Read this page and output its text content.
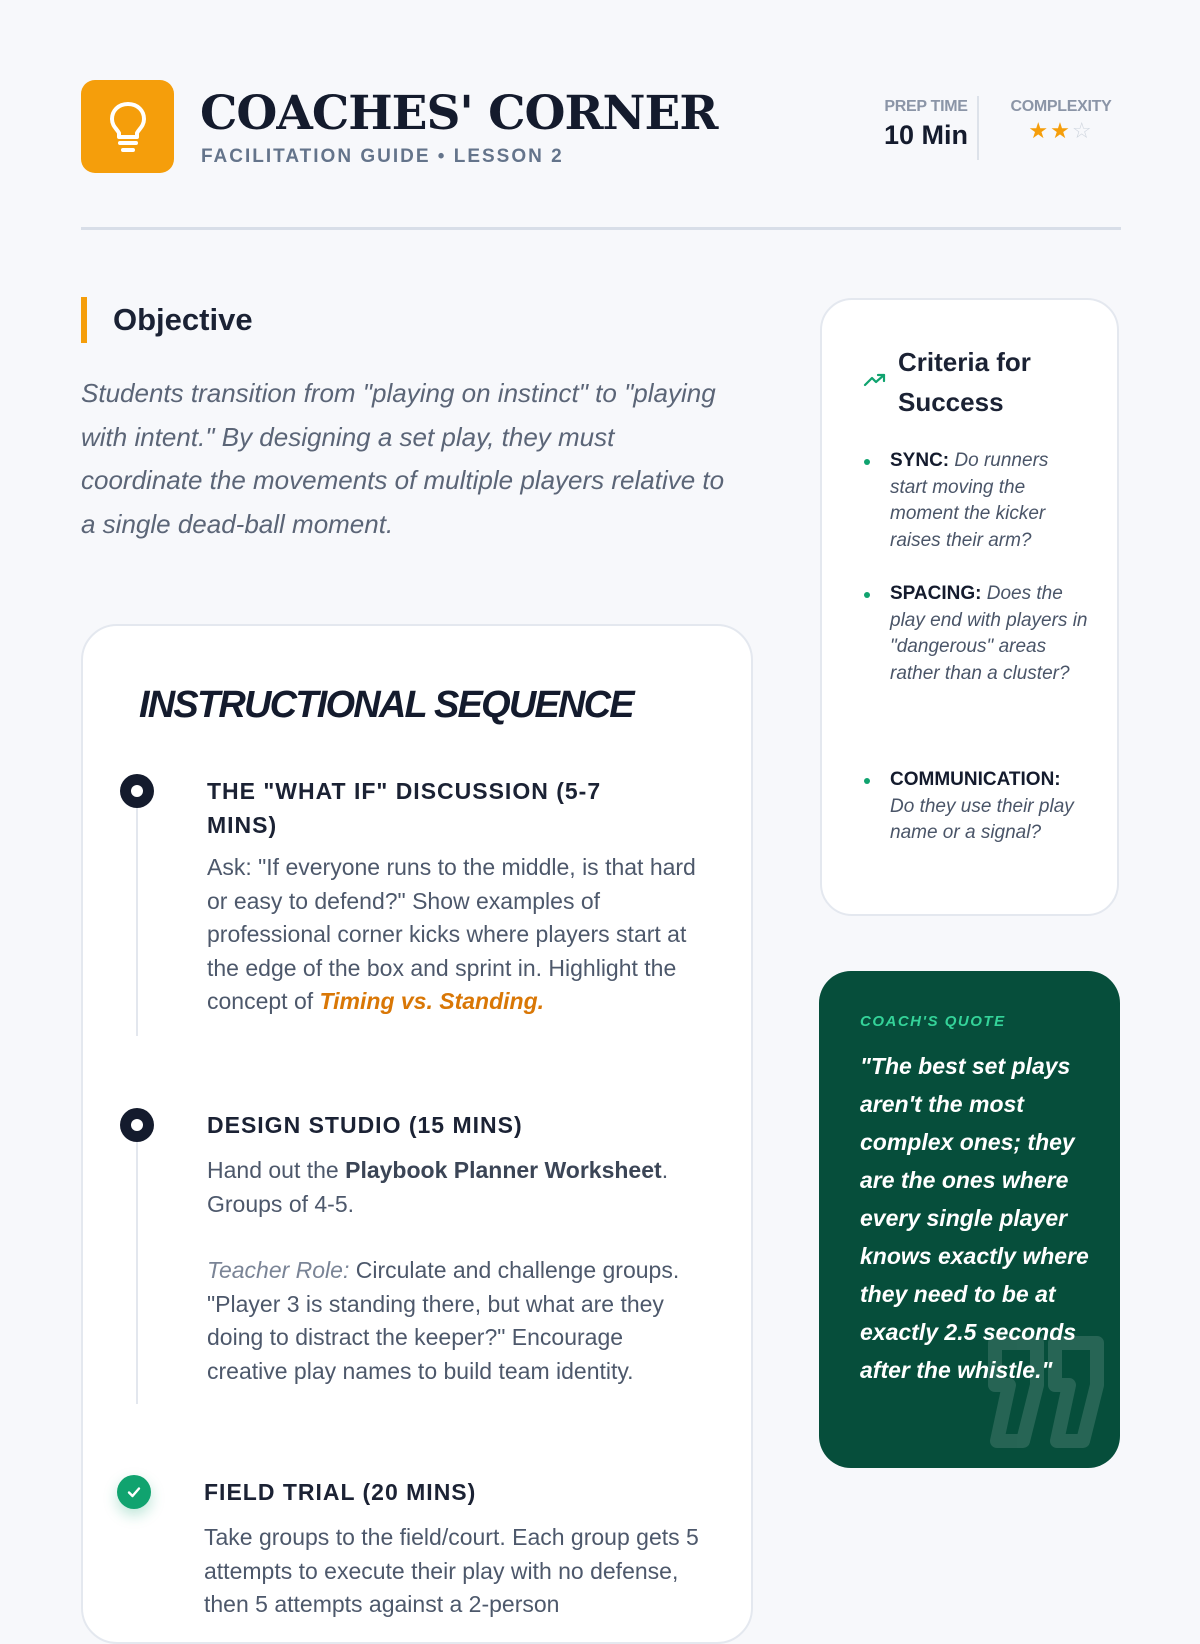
COACHES' CORNER
FACILITATION GUIDE • LESSON 2
PREP TIME
10 Min
COMPLEXITY
★★☆
Objective
Students transition from "playing on instinct" to "playing with intent." By designing a set play, they must coordinate the movements of multiple players relative to a single dead-ball moment.
INSTRUCTIONAL SEQUENCE
THE "WHAT IF" DISCUSSION (5-7 MINS)
Ask: "If everyone runs to the middle, is that hard or easy to defend?" Show examples of professional corner kicks where players start at the edge of the box and sprint in. Highlight the concept of Timing vs. Standing.
DESIGN STUDIO (15 MINS)
Hand out the Playbook Planner Worksheet. Groups of 4-5.
Teacher Role: Circulate and challenge groups. "Player 3 is standing there, but what are they doing to distract the keeper?" Encourage creative play names to build team identity.
FIELD TRIAL (20 MINS)
Take groups to the field/court. Each group gets 5 attempts to execute their play with no defense, then 5 attempts against a 2-person
Criteria for Success
SYNC: Do runners start moving the moment the kicker raises their arm?
SPACING: Does the play end with players in "dangerous" areas rather than a cluster?
COMMUNICATION: Do they use their play name or a signal?
COACH'S QUOTE
"The best set plays aren't the most complex ones; they are the ones where every single player knows exactly where they need to be at exactly 2.5 seconds after the whistle."
